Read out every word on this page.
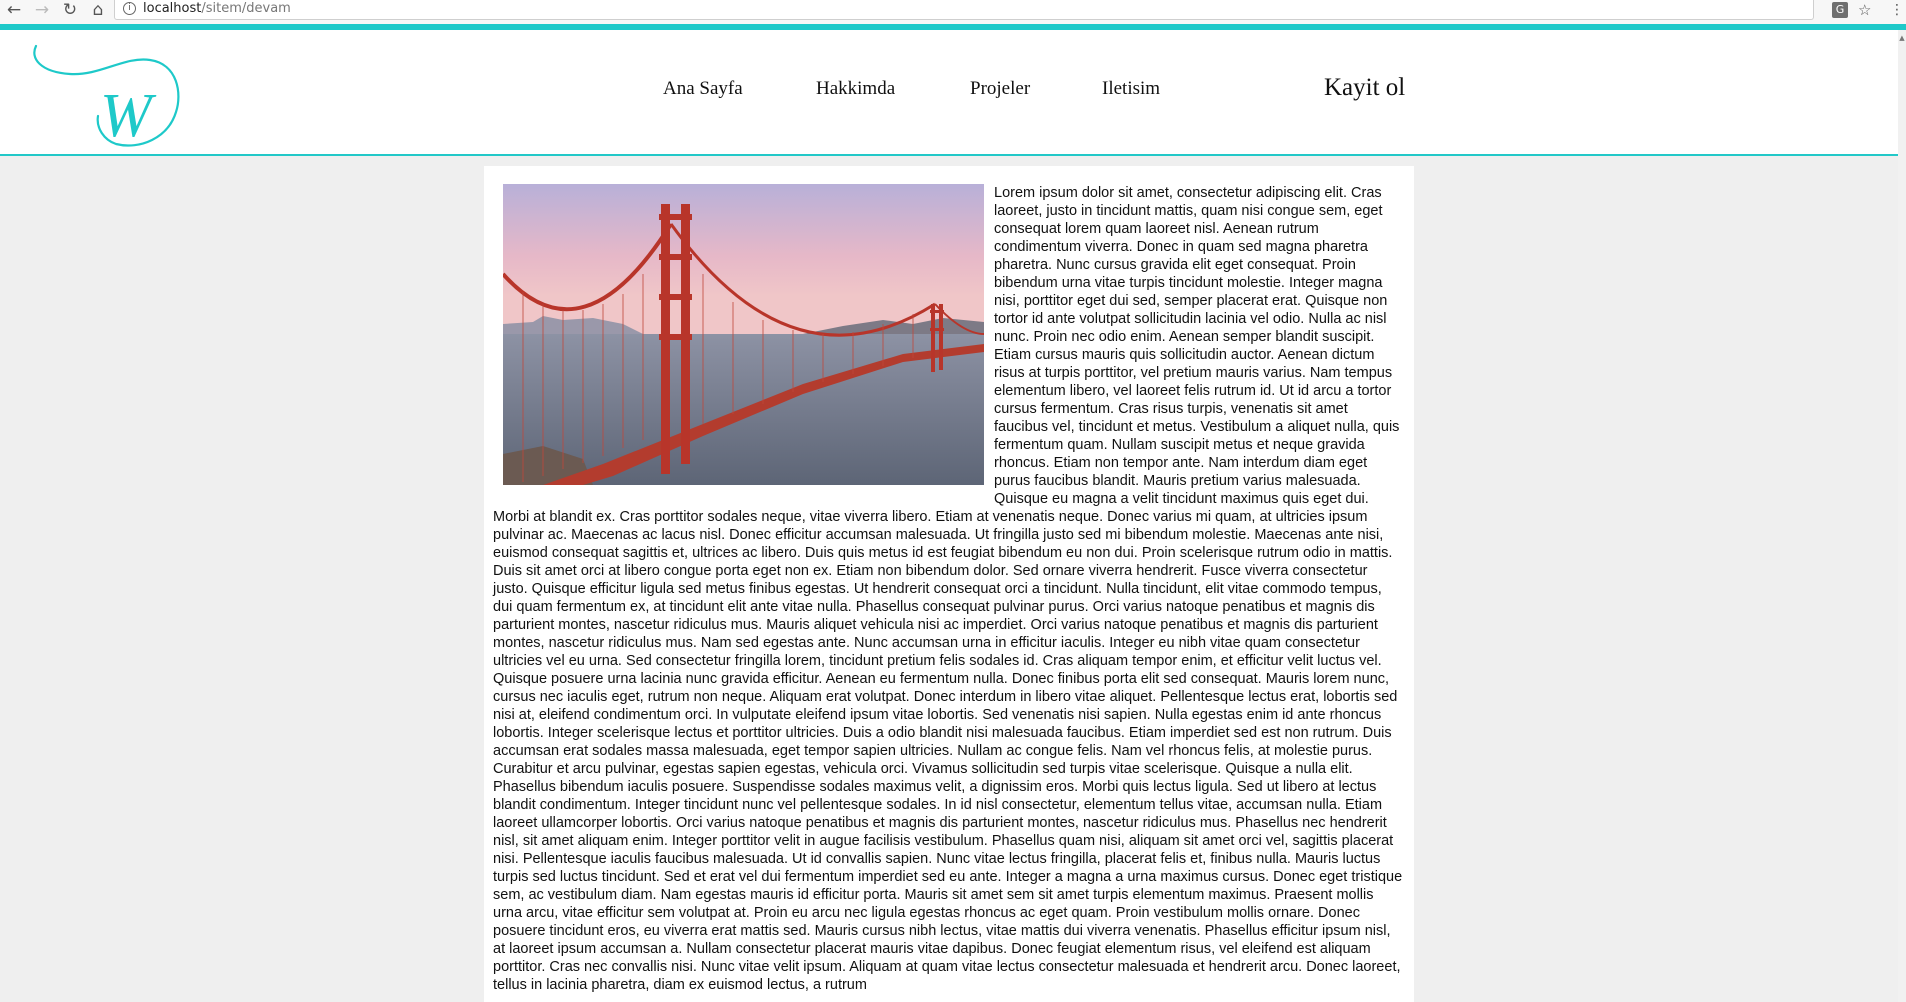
← → ↻ ⌂	i localhost/sitem/devam	G ☆ ⋮
W	Ana Sayfa	Hakkimda	Projeler	Iletisim	Kayit ol
▲
Lorem ipsum dolor sit amet, consectetur adipiscing elit. Cras laoreet, justo in tincidunt mattis, quam nisi congue sem, eget consequat lorem quam laoreet nisl. Aenean rutrum condimentum viverra. Donec in quam sed magna pharetra pharetra. Nunc cursus gravida elit eget consequat. Proin bibendum urna vitae turpis tincidunt molestie. Integer magna nisi, porttitor eget dui sed, semper placerat erat. Quisque non tortor id ante volutpat sollicitudin lacinia vel odio. Nulla ac nisl nunc. Proin nec odio enim. Aenean semper blandit suscipit. Etiam cursus mauris quis sollicitudin auctor. Aenean dictum risus at turpis porttitor, vel pretium mauris varius. Nam tempus elementum libero, vel laoreet felis rutrum id. Ut id arcu a tortor cursus fermentum. Cras risus turpis, venenatis sit amet faucibus vel, tincidunt et metus. Vestibulum a aliquet nulla, quis fermentum quam. Nullam suscipit metus et neque gravida rhoncus. Etiam non tempor ante. Nam interdum diam eget purus faucibus blandit. Mauris pretium varius malesuada. Quisque eu magna a velit tincidunt maximus quis eget dui. Morbi at blandit ex. Cras porttitor sodales neque, vitae viverra libero. Etiam at venenatis neque. Donec varius mi quam, at ultricies ipsum pulvinar ac. Maecenas ac lacus nisl. Donec efficitur accumsan malesuada. Ut fringilla justo sed mi bibendum molestie. Maecenas ante nisi, euismod consequat sagittis et, ultrices ac libero. Duis quis metus id est feugiat bibendum eu non dui. Proin scelerisque rutrum odio in mattis. Duis sit amet orci at libero congue porta eget non ex. Etiam non bibendum dolor. Sed ornare viverra hendrerit. Fusce viverra consectetur justo. Quisque efficitur ligula sed metus finibus egestas. Ut hendrerit consequat orci a tincidunt. Nulla tincidunt, elit vitae commodo tempus, dui quam fermentum ex, at tincidunt elit ante vitae nulla. Phasellus consequat pulvinar purus. Orci varius natoque penatibus et magnis dis parturient montes, nascetur ridiculus mus. Mauris aliquet vehicula nisi ac imperdiet. Orci varius natoque penatibus et magnis dis parturient montes, nascetur ridiculus mus. Nam sed egestas ante. Nunc accumsan urna in efficitur iaculis. Integer eu nibh vitae quam consectetur ultricies vel eu urna. Sed consectetur fringilla lorem, tincidunt pretium felis sodales id. Cras aliquam tempor enim, et efficitur velit luctus vel. Quisque posuere urna lacinia nunc gravida efficitur. Aenean eu fermentum nulla. Donec finibus porta elit sed consequat. Mauris lorem nunc, cursus nec iaculis eget, rutrum non neque. Aliquam erat volutpat. Donec interdum in libero vitae aliquet. Pellentesque lectus erat, lobortis sed nisi at, eleifend condimentum orci. In vulputate eleifend ipsum vitae lobortis. Sed venenatis nisi sapien. Nulla egestas enim id ante rhoncus lobortis. Integer scelerisque lectus et porttitor ultricies. Duis a odio blandit nisi malesuada faucibus. Etiam imperdiet sed est non rutrum. Duis accumsan erat sodales massa malesuada, eget tempor sapien ultricies. Nullam ac congue felis. Nam vel rhoncus felis, at molestie purus. Curabitur et arcu pulvinar, egestas sapien egestas, vehicula orci. Vivamus sollicitudin sed turpis vitae scelerisque. Quisque a nulla elit. Phasellus bibendum iaculis posuere. Suspendisse sodales maximus velit, a dignissim eros. Morbi quis lectus ligula. Sed ut libero at lectus blandit condimentum. Integer tincidunt nunc vel pellentesque sodales. In id nisl consectetur, elementum tellus vitae, accumsan nulla. Etiam laoreet ullamcorper lobortis. Orci varius natoque penatibus et magnis dis parturient montes, nascetur ridiculus mus. Phasellus nec hendrerit nisl, sit amet aliquam enim. Integer porttitor velit in augue facilisis vestibulum. Phasellus quam nisi, aliquam sit amet orci vel, sagittis placerat nisi. Pellentesque iaculis faucibus malesuada. Ut id convallis sapien. Nunc vitae lectus fringilla, placerat felis et, finibus nulla. Mauris luctus turpis sed luctus tincidunt. Sed et erat vel dui fermentum imperdiet sed eu ante. Integer a magna a urna maximus cursus. Donec eget tristique sem, ac vestibulum diam. Nam egestas mauris id efficitur porta. Mauris sit amet sem sit amet turpis elementum maximus. Praesent mollis urna arcu, vitae efficitur sem volutpat at. Proin eu arcu nec ligula egestas rhoncus ac eget quam. Proin vestibulum mollis ornare. Donec posuere tincidunt eros, eu viverra erat mattis sed. Mauris cursus nibh lectus, vitae mattis dui viverra venenatis. Phasellus efficitur ipsum nisl, at laoreet ipsum accumsan a. Nullam consectetur placerat mauris vitae dapibus. Donec feugiat elementum risus, vel eleifend est aliquam porttitor. Cras nec convallis nisi. Nunc vitae velit ipsum. Aliquam at quam vitae lectus consectetur malesuada et hendrerit arcu. Donec laoreet, tellus in lacinia pharetra, diam ex euismod lectus, a rutrum
